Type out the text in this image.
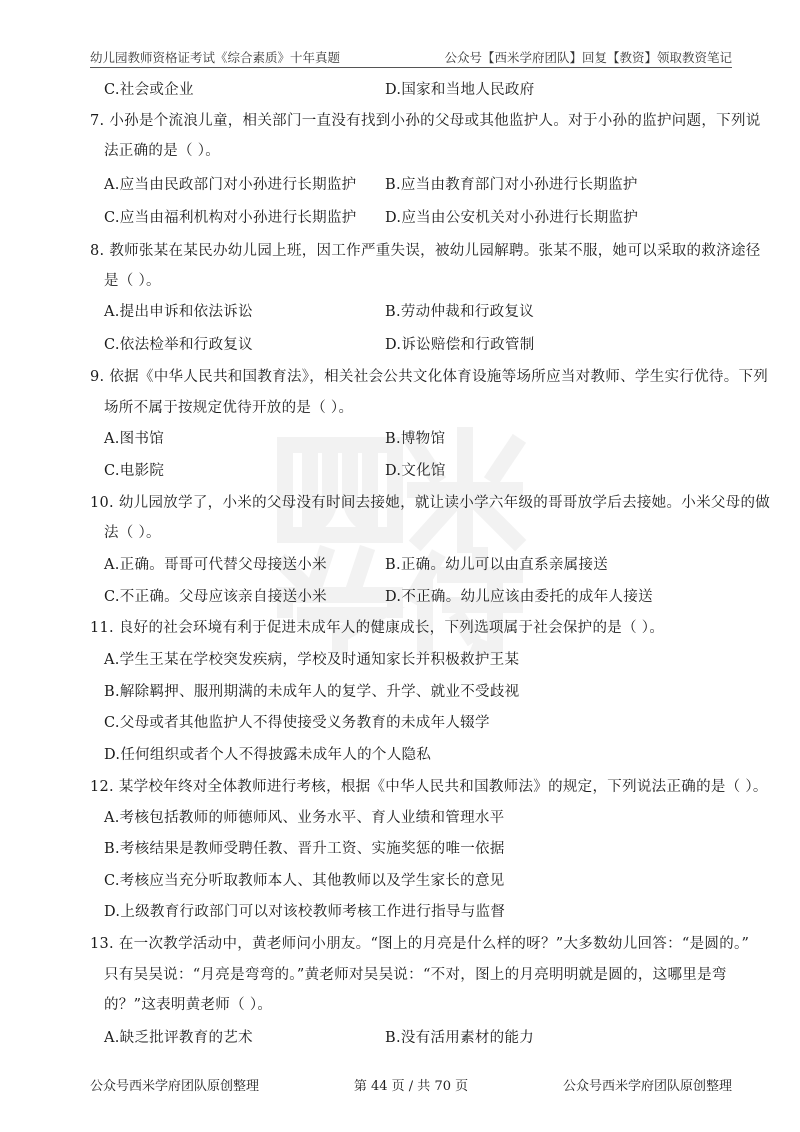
幼儿园教师资格证考试《综合素质》十年真题	公众号【西米学府团队】回复【教资】领取教资笔记
C.社会或企业	D.国家和当地人民政府
7. 小孙是个流浪儿童，相关部门一直没有找到小孙的父母或其他监护人。对于小孙的监护问题，下列说
法正确的是（ ）。
A.应当由民政部门对小孙进行长期监护 B.应当由教育部门对小孙进行长期监护
C.应当由福利机构对小孙进行长期监护 D.应当由公安机关对小孙进行长期监护
8. 教师张某在某民办幼儿园上班，因工作严重失误，被幼儿园解聘。张某不服，她可以采取的救济途径
是（ ）。
A.提出申诉和依法诉讼	B.劳动仲裁和行政复议
C.依法检举和行政复议	D.诉讼赔偿和行政管制
9. 依据《中华人民共和国教育法》，相关社会公共文化体育设施等场所应当对教师、学生实行优待。下列
场所不属于按规定优待开放的是（ ）。
A.图书馆	B.博物馆
C.电影院	D.文化馆
10. 幼儿园放学了，小米的父母没有时间去接她，就让读小学六年级的哥哥放学后去接她。小米父母的做
法（ ）。
A.正确。哥哥可代替父母接送小米	B.正确。幼儿可以由直系亲属接送
C.不正确。父母应该亲自接送小米	D.不正确。幼儿应该由委托的成年人接送
11. 良好的社会环境有利于促进未成年人的健康成长，下列选项属于社会保护的是（ ）。
A.学生王某在学校突发疾病，学校及时通知家长并积极救护王某
B.解除羁押、服刑期满的未成年人的复学、升学、就业不受歧视
C.父母或者其他监护人不得使接受义务教育的未成年人辍学
D.任何组织或者个人不得披露未成年人的个人隐私
12. 某学校年终对全体教师进行考核，根据《中华人民共和国教师法》的规定，下列说法正确的是（ ）。
A.考核包括教师的师德师风、业务水平、育人业绩和管理水平
B.考核结果是教师受聘任教、晋升工资、实施奖惩的唯一依据
C.考核应当充分听取教师本人、其他教师以及学生家长的意见
D.上级教育行政部门可以对该校教师考核工作进行指导与监督
13. 在一次教学活动中，黄老师问小朋友。“图上的月亮是什么样的呀？”大多数幼儿回答：“是圆的。”
只有吴吴说：“月亮是弯弯的。”黄老师对吴吴说：“不对，图上的月亮明明就是圆的，这哪里是弯
的？”这表明黄老师（ ）。
A.缺乏批评教育的艺术	B.没有活用素材的能力
公众号西米学府团队原创整理	第 44 页 / 共 70 页	公众号西米学府团队原创整理
